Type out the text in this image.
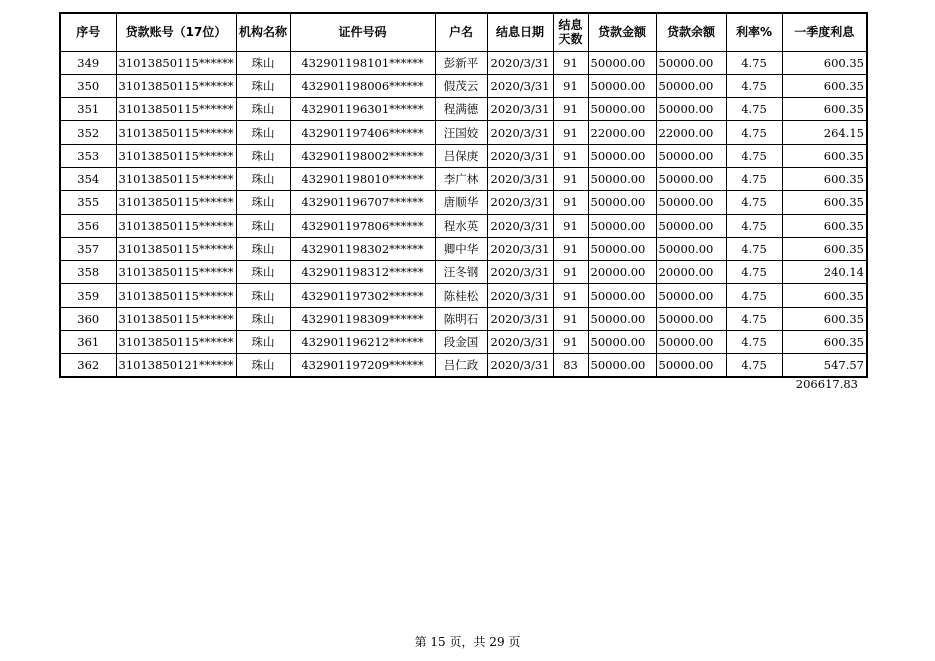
序号	贷款账号（17位）	机构名称	证件号码	户名	结息日期	结息
天数	贷款金额	贷款余额	利率%	一季度利息
349	31013850115******	珠山	432901198101******	彭新平	2020/3/31	91	50000.00	50000.00	4.75	600.35
350	31013850115******	珠山	432901198006******	假茂云	2020/3/31	91	50000.00	50000.00	4.75	600.35
351	31013850115******	珠山	432901196301******	程满德	2020/3/31	91	50000.00	50000.00	4.75	600.35
352	31013850115******	珠山	432901197406******	汪国姣	2020/3/31	91	22000.00	22000.00	4.75	264.15
353	31013850115******	珠山	432901198002******	吕保庚	2020/3/31	91	50000.00	50000.00	4.75	600.35
354	31013850115******	珠山	432901198010******	李广林	2020/3/31	91	50000.00	50000.00	4.75	600.35
355	31013850115******	珠山	432901196707******	唐顺华	2020/3/31	91	50000.00	50000.00	4.75	600.35
356	31013850115******	珠山	432901197806******	程水英	2020/3/31	91	50000.00	50000.00	4.75	600.35
357	31013850115******	珠山	432901198302******	卿中华	2020/3/31	91	50000.00	50000.00	4.75	600.35
358	31013850115******	珠山	432901198312******	汪冬钢	2020/3/31	91	20000.00	20000.00	4.75	240.14
359	31013850115******	珠山	432901197302******	陈桂松	2020/3/31	91	50000.00	50000.00	4.75	600.35
360	31013850115******	珠山	432901198309******	陈明石	2020/3/31	91	50000.00	50000.00	4.75	600.35
361	31013850115******	珠山	432901196212******	段金国	2020/3/31	91	50000.00	50000.00	4.75	600.35
362	31013850121******	珠山	432901197209******	吕仁政	2020/3/31	83	50000.00	50000.00	4.75	547.57
206617.83
第 15 页，共 29 页
